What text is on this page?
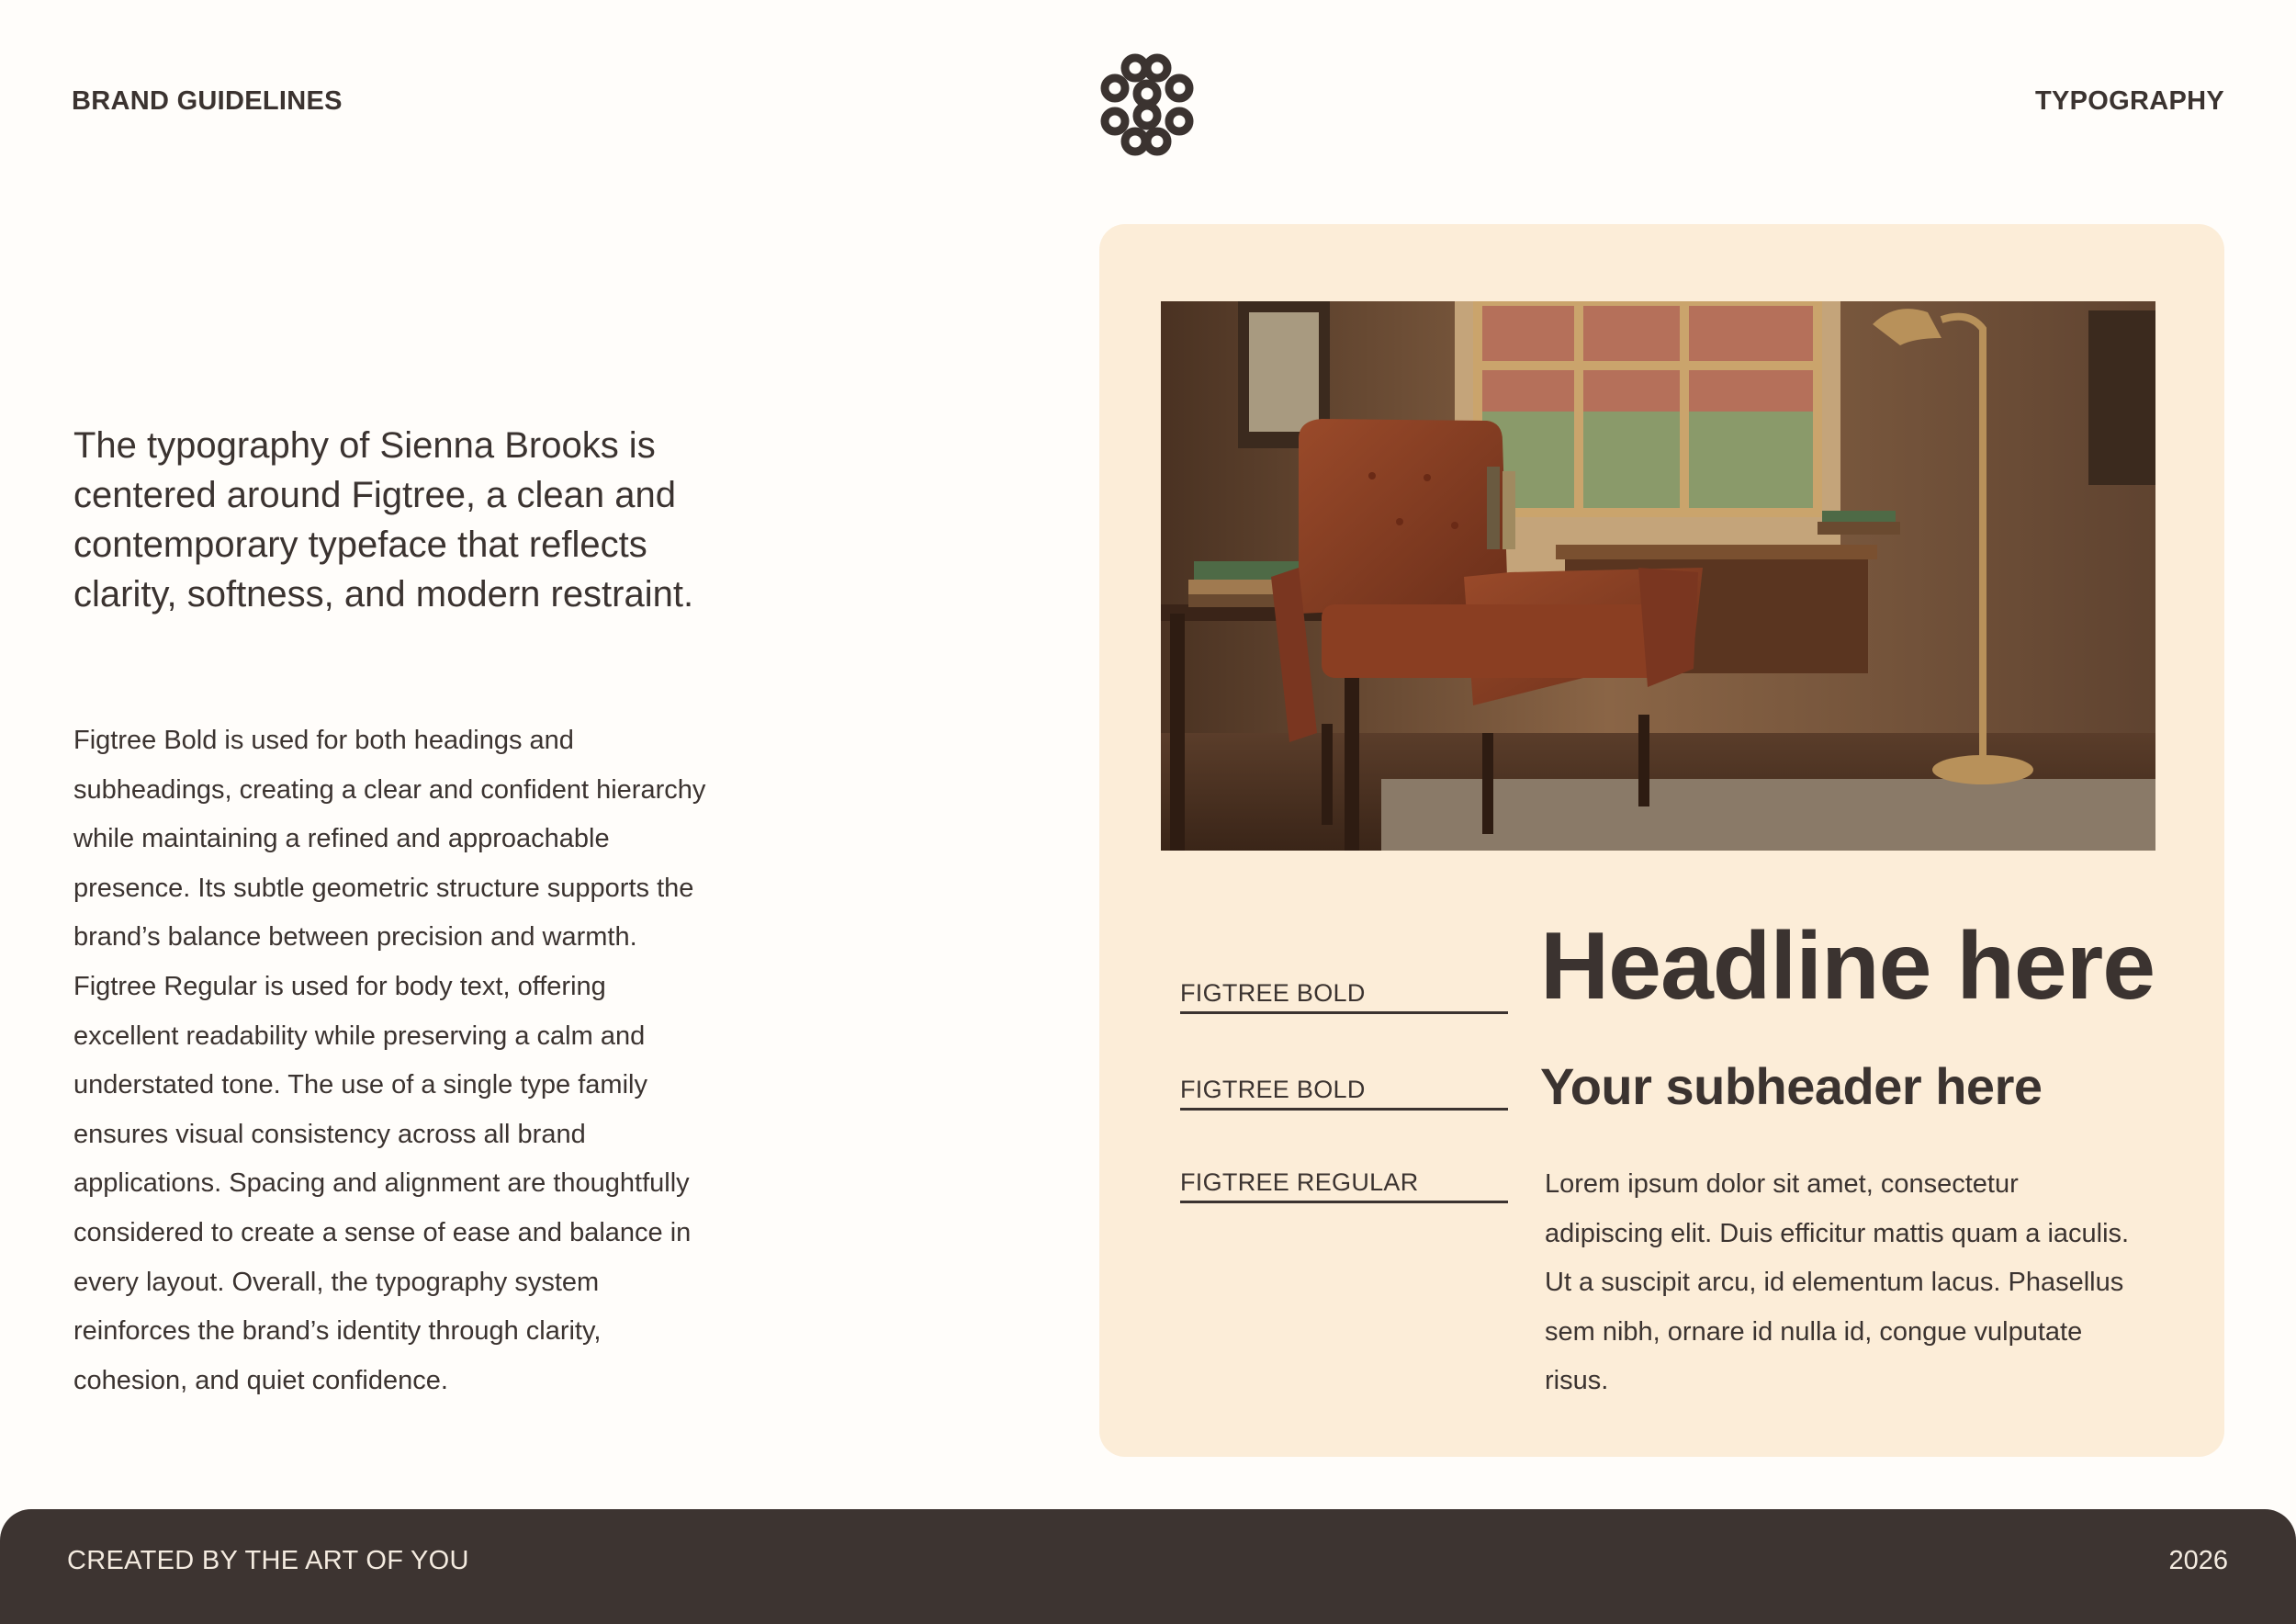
BRAND GUIDELINES	TYPOGRAPHY

The typography of Sienna Brooks is centered around Figtree, a clean and contemporary typeface that reflects clarity, softness, and modern restraint.

Figtree Bold is used for both headings and subheadings, creating a clear and confident hierarchy while maintaining a refined and approachable presence. Its subtle geometric structure supports the brand’s balance between precision and warmth. Figtree Regular is used for body text, offering excellent readability while preserving a calm and understated tone. The use of a single type family ensures visual consistency across all brand applications. Spacing and alignment are thoughtfully considered to create a sense of ease and balance in every layout. Overall, the typography system reinforces the brand’s identity through clarity, cohesion, and quiet confidence.

FIGTREE BOLD	Headline here
FIGTREE BOLD	Your subheader here
FIGTREE REGULAR	Lorem ipsum dolor sit amet, consectetur adipiscing elit. Duis efficitur mattis quam a iaculis. Ut a suscipit arcu, id elementum lacus. Phasellus sem nibh, ornare id nulla id, congue vulputate risus.

CREATED BY THE ART OF YOU	2026
